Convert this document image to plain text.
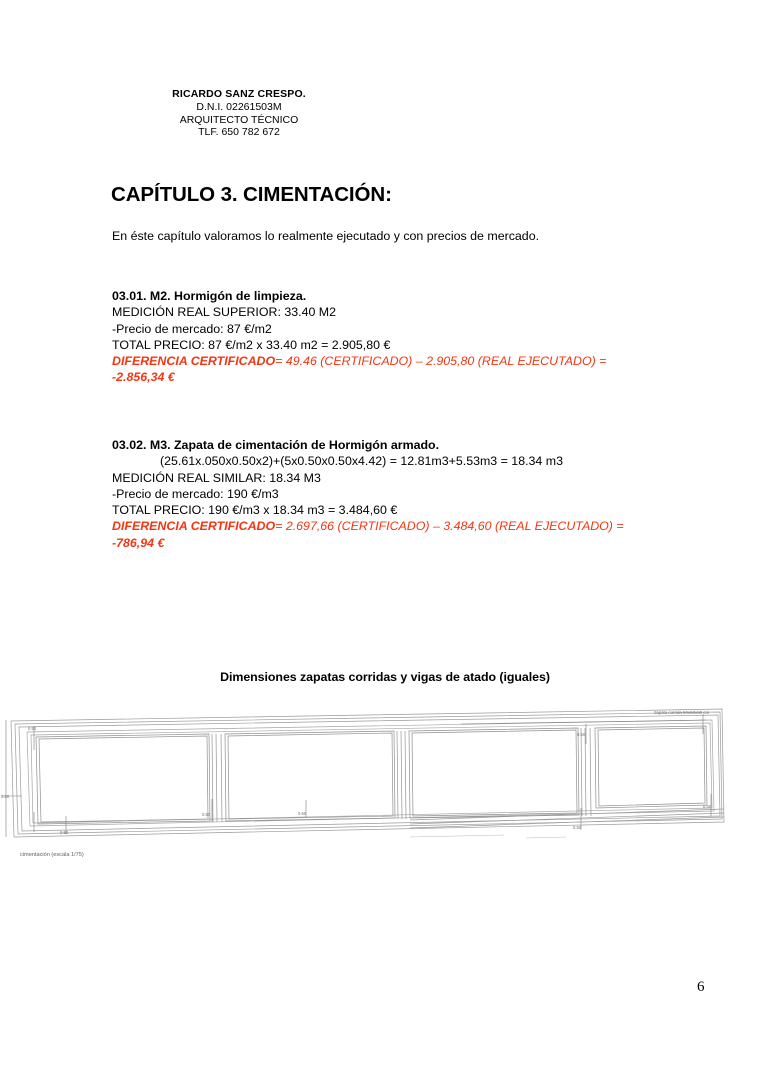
RICARDO SANZ CRESPO.
D.N.I. 02261503M
ARQUITECTO TÉCNICO
TLF. 650 782 672
CAPÍTULO 3. CIMENTACIÓN:
En éste capítulo valoramos lo realmente ejecutado y con precios de mercado.
03.01. M2. Hormigón de limpieza.
MEDICIÓN REAL SUPERIOR: 33.40 M2
-Precio de mercado: 87 €/m2
TOTAL PRECIO: 87 €/m2 x 33.40 m2 = 2.905,80 €
DIFERENCIA CERTIFICADO= 49.46 (CERTIFICADO) – 2.905,80 (REAL EJECUTADO) =
-2.856,34 €
03.02. M3. Zapata de cimentación de Hormigón armado.
(25.61x.050x0.50x2)+(5x0.50x0.50x4.42) = 12.81m3+5.53m3 = 18.34 m3
MEDICIÓN REAL SIMILAR: 18.34 M3
-Precio de mercado: 190 €/m3
TOTAL PRECIO: 190 €/m3 x 18.34 m3 = 3.484,60 €
DIFERENCIA CERTIFICADO= 2.697,66 (CERTIFICADO) – 3.484,60 (REAL EJECUTADO) =
-786,94 €
Dimensiones zapatas corridas y vigas de atado (iguales)
0.50
0.50
0.50
0.50	0.50
0.50
0.50
0.50
zapata corrida 50x50x50 cm
cimentación (escala 1/75)
6
